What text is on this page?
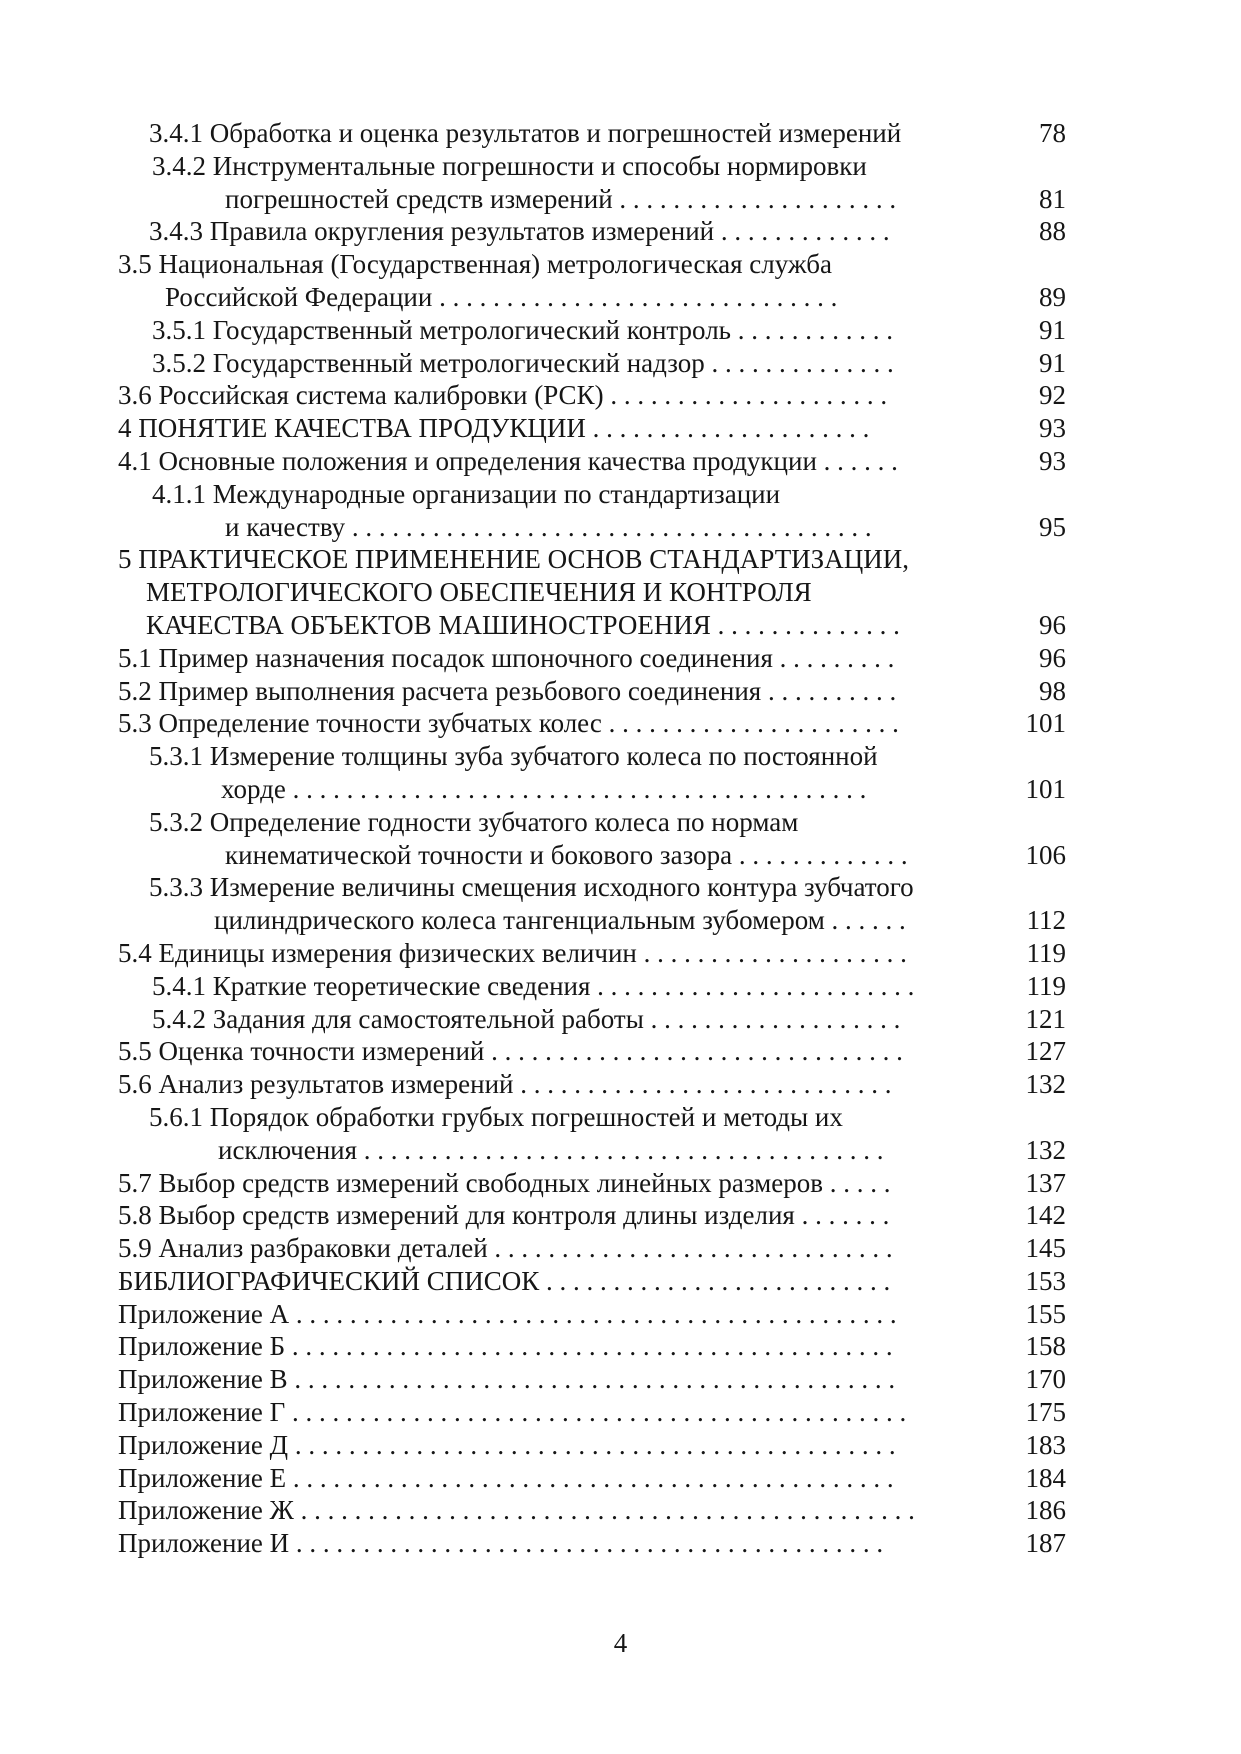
3.4.1 Обработка и оценка результатов и погрешностей измерений	78
3.4.2 Инструментальные погрешности и способы нормировки
погрешностей средств измерений . . . . . . . . . . . . . . . . . . . . .	81
3.4.3 Правила округления результатов измерений . . . . . . . . . . . . .	88
3.5 Национальная (Государственная) метрологическая служба
Российской Федерации . . . . . . . . . . . . . . . . . . . . . . . . . . . . . .	89
3.5.1 Государственный метрологический контроль . . . . . . . . . . . .	91
3.5.2 Государственный метрологический надзор . . . . . . . . . . . . . .	91
3.6 Российская система калибровки (РСК) . . . . . . . . . . . . . . . . . . . . .	92
4 ПОНЯТИЕ КАЧЕСТВА ПРОДУКЦИИ . . . . . . . . . . . . . . . . . . . . .	93
4.1 Основные положения и определения качества продукции . . . . . .	93
4.1.1 Международные организации по стандартизации
и качеству . . . . . . . . . . . . . . . . . . . . . . . . . . . . . . . . . . . . . . .	95
5 ПРАКТИЧЕСКОЕ ПРИМЕНЕНИЕ ОСНОВ СТАНДАРТИЗАЦИИ,
МЕТРОЛОГИЧЕСКОГО ОБЕСПЕЧЕНИЯ И КОНТРОЛЯ
КАЧЕСТВА ОБЪЕКТОВ МАШИНОСТРОЕНИЯ . . . . . . . . . . . . . .	96
5.1 Пример назначения посадок шпоночного соединения . . . . . . . . .	96
5.2 Пример выполнения расчета резьбового соединения . . . . . . . . . .	98
5.3 Определение точности зубчатых колес . . . . . . . . . . . . . . . . . . . . . .	101
5.3.1 Измерение толщины зуба зубчатого колеса по постоянной
хорде . . . . . . . . . . . . . . . . . . . . . . . . . . . . . . . . . . . . . . . . . . .	101
5.3.2 Определение годности зубчатого колеса по нормам
кинематической точности и бокового зазора . . . . . . . . . . . . .	106
5.3.3 Измерение величины смещения исходного контура зубчатого
цилиндрического колеса тангенциальным зубомером . . . . . .	112
5.4 Единицы измерения физических величин . . . . . . . . . . . . . . . . . . . .	119
5.4.1 Краткие теоретические сведения . . . . . . . . . . . . . . . . . . . . . . . .	119
5.4.2 Задания для самостоятельной работы . . . . . . . . . . . . . . . . . . .	121
5.5 Оценка точности измерений . . . . . . . . . . . . . . . . . . . . . . . . . . . . . . .	127
5.6 Анализ результатов измерений . . . . . . . . . . . . . . . . . . . . . . . . . . . .	132
5.6.1 Порядок обработки грубых погрешностей и методы их
исключения . . . . . . . . . . . . . . . . . . . . . . . . . . . . . . . . . . . . . . .	132
5.7 Выбор средств измерений свободных линейных размеров . . . . .	137
5.8 Выбор средств измерений для контроля длины изделия . . . . . . .	142
5.9 Анализ разбраковки деталей . . . . . . . . . . . . . . . . . . . . . . . . . . . . . .	145
БИБЛИОГРАФИЧЕСКИЙ СПИСОК . . . . . . . . . . . . . . . . . . . . . . . . . .	153
Приложение А . . . . . . . . . . . . . . . . . . . . . . . . . . . . . . . . . . . . . . . . . . . . .	155
Приложение Б . . . . . . . . . . . . . . . . . . . . . . . . . . . . . . . . . . . . . . . . . . . . .	158
Приложение В . . . . . . . . . . . . . . . . . . . . . . . . . . . . . . . . . . . . . . . . . . . . .	170
Приложение Г . . . . . . . . . . . . . . . . . . . . . . . . . . . . . . . . . . . . . . . . . . . . . .	175
Приложение Д . . . . . . . . . . . . . . . . . . . . . . . . . . . . . . . . . . . . . . . . . . . . .	183
Приложение Е . . . . . . . . . . . . . . . . . . . . . . . . . . . . . . . . . . . . . . . . . . . . .	184
Приложение Ж . . . . . . . . . . . . . . . . . . . . . . . . . . . . . . . . . . . . . . . . . . . . . .	186
Приложение И . . . . . . . . . . . . . . . . . . . . . . . . . . . . . . . . . . . . . . . . . . . .	187
4
